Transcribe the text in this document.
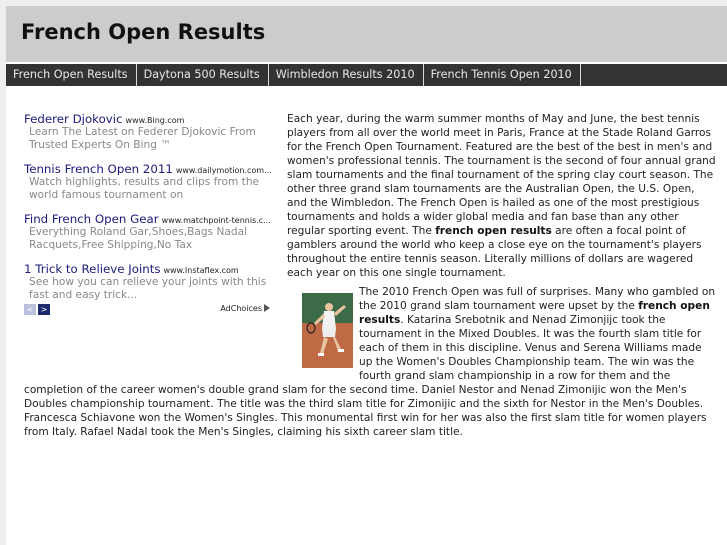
French Open Results
French Open Results	Daytona 500 Results	Wimbledon Results 2010	French Tennis Open 2010
Federer Djokovic www.Bing.com
Learn The Latest on Federer Djokovic From Trusted Experts On Bing ™
Tennis French Open 2011 www.dailymotion.com...
Watch highlights, results and clips from the world famous tournament on
Find French Open Gear www.matchpoint-tennis.c...
Everything Roland Gar,Shoes,Bags Nadal Racquets,Free Shipping,No Tax
1 Trick to Relieve Joints www.Instaflex.com
See how you can relieve your joints with this fast and easy trick...
< >	AdChoices

Each year, during the warm summer months of May and June, the best tennis players from all over the world meet in Paris, France at the Stade Roland Garros for the French Open Tournament. Featured are the best of the best in men's and women's professional tennis. The tournament is the second of four annual grand slam tournaments and the final tournament of the spring clay court season. The other three grand slam tournaments are the Australian Open, the U.S. Open, and the Wimbledon. The French Open is hailed as one of the most prestigious tournaments and holds a wider global media and fan base than any other regular sporting event. The french open results are often a focal point of gamblers around the world who keep a close eye on the tournament's players throughout the entire tennis season. Literally millions of dollars are wagered each year on this one single tournament.

The 2010 French Open was full of surprises. Many who gambled on the 2010 grand slam tournament were upset by the french open results. Katarina Srebotnik and Nenad Zimonjijc took the tournament in the Mixed Doubles. It was the fourth slam title for each of them in this discipline. Venus and Serena Williams made up the Women's Doubles Championship team. The win was the fourth grand slam championship in a row for them and the completion of the career women's double grand slam for the second time. Daniel Nestor and Nenad Zimonijic won the Men's Doubles championship tournament. The title was the third slam title for Zimonijic and the sixth for Nestor in the Men's Doubles. Francesca Schiavone won the Women's Singles. This monumental first win for her was also the first slam title for women players from Italy. Rafael Nadal took the Men's Singles, claiming his sixth career slam title.
